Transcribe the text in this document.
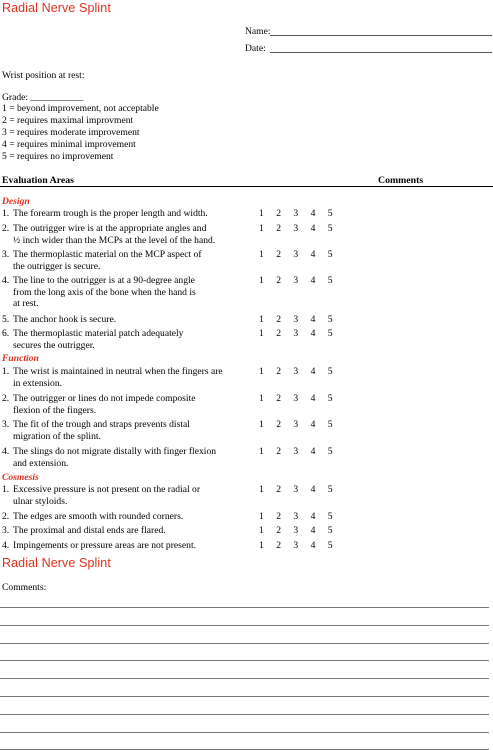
Radial Nerve Splint
Name:
Date:
Wrist position at rest:
Grade: ___________
1 = beyond improvement, not acceptable
2 = requires maximal improvment
3 = requires moderate improvement
4 = requires minimal improvement
5 = requires no improvement
Evaluation Areas	Comments
Design
1. The forearm trough is the proper length and width.	1 2 3 4 5
2. The outrigger wire is at the appropriate angles and
½ inch wider than the MCPs at the level of the hand.
1 2 3 4 5
3. The thermoplastic material on the MCP aspect of
the outrigger is secure.
1 2 3 4 5
4. The line to the outrigger is at a 90-degree angle
from the long axis of the bone when the hand is
at rest.
1 2 3 4 5
5. The anchor hook is secure.	1 2 3 4 5
6. The thermoplastic material patch adequately
secures the outrigger.
1 2 3 4 5
Function
1. The wrist is maintained in neutral when the fingers are
in extension.
1 2 3 4 5
2. The outrigger or lines do not impede composite
flexion of the fingers.
1 2 3 4 5
3. The fit of the trough and straps prevents distal
migration of the splint.
1 2 3 4 5
4. The slings do not migrate distally with finger flexion
and extension.
1 2 3 4 5
Cosmesis
1. Excessive pressure is not present on the radial or
ulnar styloids.
1 2 3 4 5
2. The edges are smooth with rounded corners.	1 2 3 4 5
3. The proximal and distal ends are flared.	1 2 3 4 5
4. Impingements or pressure areas are not present.	1 2 3 4 5
Radial Nerve Splint
Comments:
